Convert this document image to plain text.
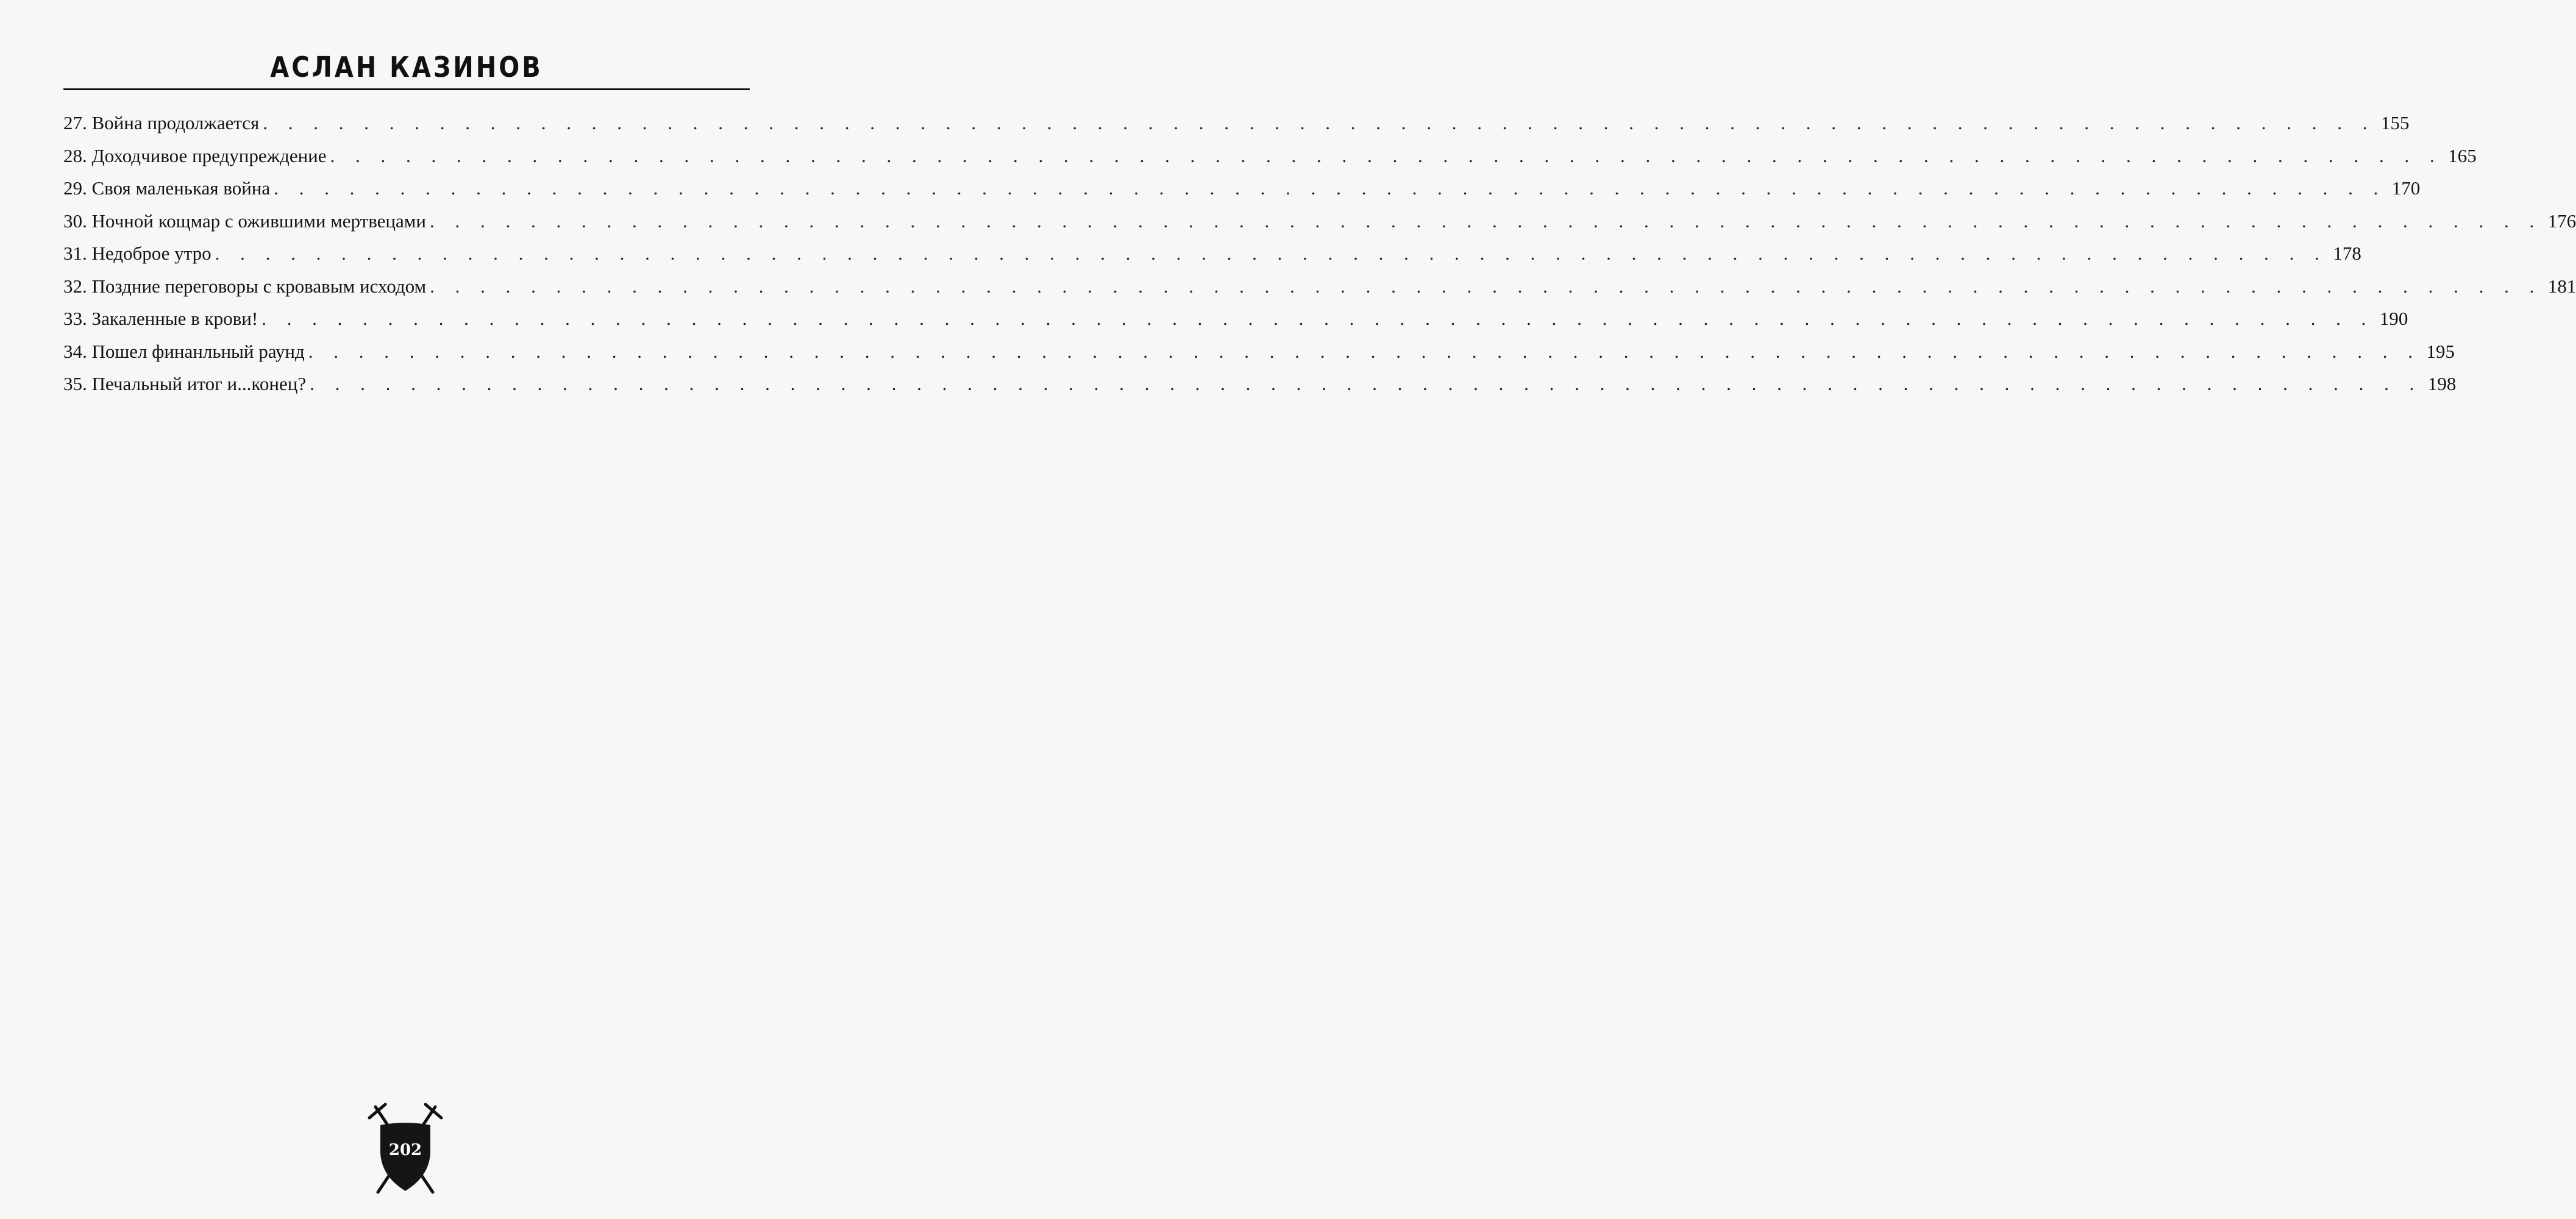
АСЛАН КАЗИНОВ
27. Война продолжается . . . . . . . . . . . . . . . . . . . . . . . . . . . . . . . . . . . . . . . . . . . . . . . . . . . . . . . . . . . . . . . . . . . . . . . . . . . . . . . . . . . . 155
28. Доходчивое предупреждение . . . . . . . . . . . . . . . . . . . . . . . . . . . . . . . . . . . . . . . . . . . . . . . . . . . . . . . . . . . . . . . . . . . . . . . . . . . . . . . . . . . . 165
29. Своя маленькая война . . . . . . . . . . . . . . . . . . . . . . . . . . . . . . . . . . . . . . . . . . . . . . . . . . . . . . . . . . . . . . . . . . . . . . . . . . . . . . . . . . . . 170
30. Ночной кощмар с ожившими мертвецами . . . . . . . . . . . . . . . . . . . . . . . . . . . . . . . . . . . . . . . . . . . . . . . . . . . . . . . . . . . . . . . . . . . . . . . . . . . . . . . . . . . . 176
31. Недоброе утро . . . . . . . . . . . . . . . . . . . . . . . . . . . . . . . . . . . . . . . . . . . . . . . . . . . . . . . . . . . . . . . . . . . . . . . . . . . . . . . . . . . . 178
32. Поздние переговоры с кровавым исходом . . . . . . . . . . . . . . . . . . . . . . . . . . . . . . . . . . . . . . . . . . . . . . . . . . . . . . . . . . . . . . . . . . . . . . . . . . . . . . . . . . . . 181
33. Закаленные в крови! . . . . . . . . . . . . . . . . . . . . . . . . . . . . . . . . . . . . . . . . . . . . . . . . . . . . . . . . . . . . . . . . . . . . . . . . . . . . . . . . . . . . 190
34. Пошел финанльный раунд . . . . . . . . . . . . . . . . . . . . . . . . . . . . . . . . . . . . . . . . . . . . . . . . . . . . . . . . . . . . . . . . . . . . . . . . . . . . . . . . . . . . 195
35. Печальный итог и...конец? . . . . . . . . . . . . . . . . . . . . . . . . . . . . . . . . . . . . . . . . . . . . . . . . . . . . . . . . . . . . . . . . . . . . . . . . . . . . . . . . . . . . 198
202
